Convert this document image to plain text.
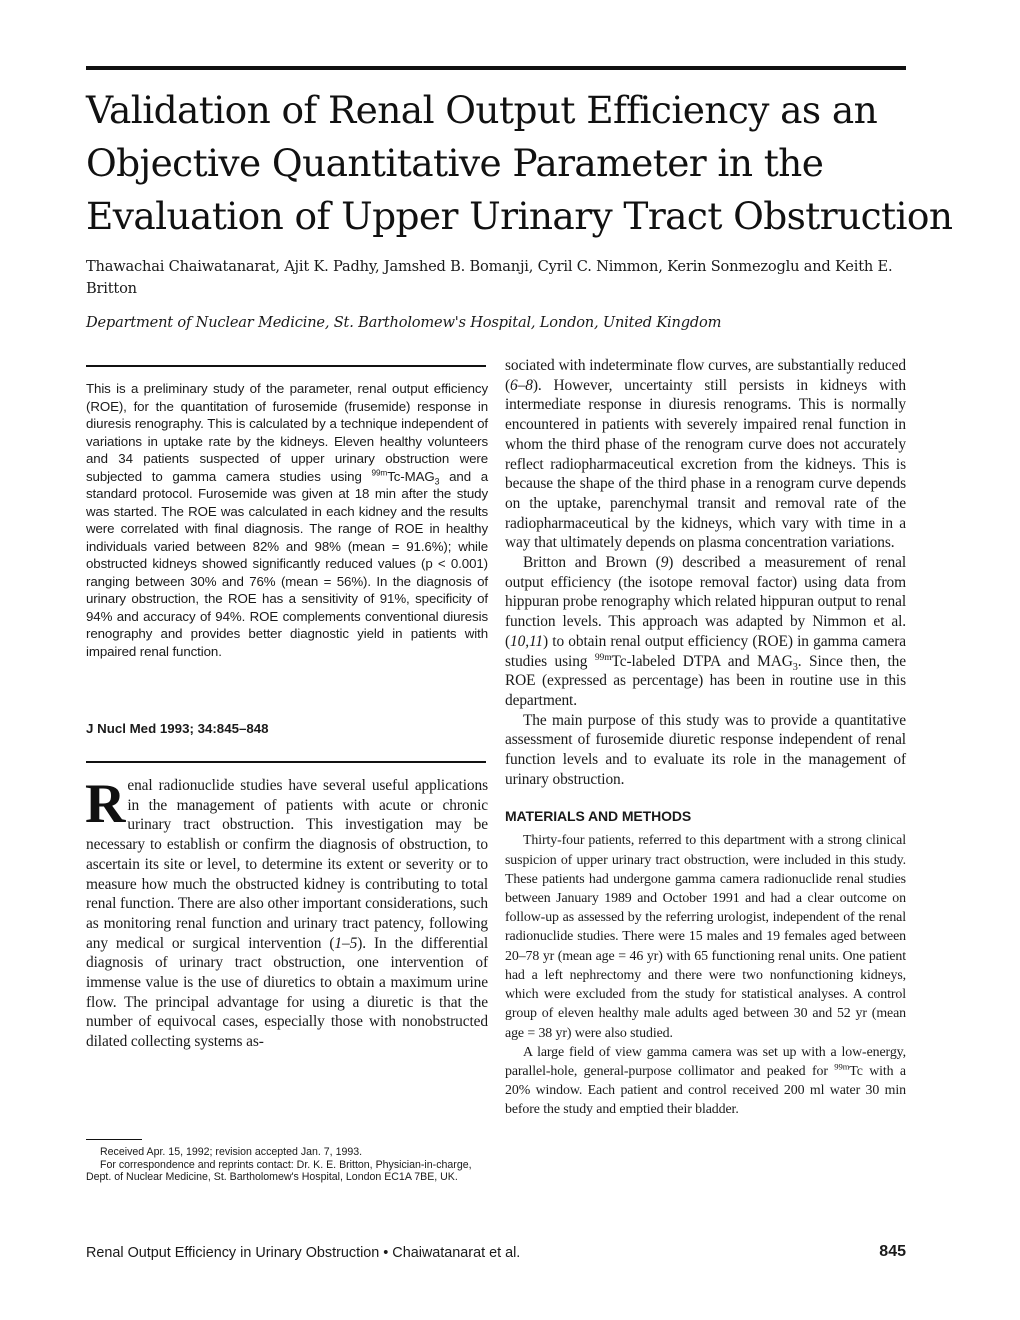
Validation of Renal Output Efficiency as an
Objective Quantitative Parameter in the
Evaluation of Upper Urinary Tract Obstruction
Thawachai Chaiwatanarat, Ajit K. Padhy, Jamshed B. Bomanji, Cyril C. Nimmon, Kerin Sonmezoglu and Keith E. Britton
Department of Nuclear Medicine, St. Bartholomew's Hospital, London, United Kingdom
This is a preliminary study of the parameter, renal output efficiency (ROE), for the quantitation of furosemide (frusemide) response in diuresis renography. This is calculated by a technique independent of variations in uptake rate by the kidneys. Eleven healthy volunteers and 34 patients suspected of upper urinary obstruction were subjected to gamma camera studies using $^{99m}Tc-MAG_3$ and a standard protocol. Furosemide was given at 18 min after the study was started. The ROE was calculated in each kidney and the results were correlated with final diagnosis. The range of ROE in healthy individuals varied between 82% and 98% (mean = 91.6%); while obstructed kidneys showed significantly reduced values (p < 0.001) ranging between 30% and 76% (mean = 56%). In the diagnosis of urinary obstruction, the ROE has a sensitivity of 91%, specificity of 94% and accuracy of 94%. ROE complements conventional diuresis renography and provides better diagnostic yield in patients with impaired renal function.
J Nucl Med 1993; 34:845–848
Renal radionuclide studies have several useful applications in the management of patients with acute or chronic urinary tract obstruction. This investigation may be necessary to establish or confirm the diagnosis of obstruction, to ascertain its site or level, to determine its extent or severity or to measure how much the obstructed kidney is contributing to total renal function. There are also other important considerations, such as monitoring renal function and urinary tract patency, following any medical or surgical intervention (1–5). In the differential diagnosis of urinary tract obstruction, one intervention of immense value is the use of diuretics to obtain a maximum urine flow. The principal advantage for using a diuretic is that the number of equivocal cases, especially those with nonobstructed dilated collecting systems as-

Received Apr. 15, 1992; revision accepted Jan. 7, 1993.

For correspondence and reprints contact: Dr. K. E. Britton, Physician-in-charge, Dept. of Nuclear Medicine, St. Bartholomew's Hospital, London EC1A 7BE, UK.

sociated with indeterminate flow curves, are substantially reduced (6–8). However, uncertainty still persists in kidneys with intermediate response in diuresis renograms. This is normally encountered in patients with severely impaired renal function in whom the third phase of the renogram curve does not accurately reflect radiopharmaceutical excretion from the kidneys. This is because the shape of the third phase in a renogram curve depends on the uptake, parenchymal transit and removal rate of the radiopharmaceutical by the kidneys, which vary with time in a way that ultimately depends on plasma concentration variations.

Britton and Brown (9) described a measurement of renal output efficiency (the isotope removal factor) using data from hippuran probe renography which related hippuran output to renal function levels. This approach was adapted by Nimmon et al. (10,11) to obtain renal output efficiency (ROE) in gamma camera studies using $^{99m}$Tc-labeled DTPA and $MAG_3$. Since then, the ROE (expressed as percentage) has been in routine use in this department.

The main purpose of this study was to provide a quantitative assessment of furosemide diuretic response independent of renal function levels and to evaluate its role in the management of urinary obstruction.

MATERIALS AND METHODS

Thirty-four patients, referred to this department with a strong clinical suspicion of upper urinary tract obstruction, were included in this study. These patients had undergone gamma camera radionuclide renal studies between January 1989 and October 1991 and had a clear outcome on follow-up as assessed by the referring urologist, independent of the renal radionuclide studies. There were 15 males and 19 females aged between 20–78 yr (mean age = 46 yr) with 65 functioning renal units. One patient had a left nephrectomy and there were two nonfunctioning kidneys, which were excluded from the study for statistical analyses. A control group of eleven healthy male adults aged between 30 and 52 yr (mean age = 38 yr) were also studied.

A large field of view gamma camera was set up with a low-energy, parallel-hole, general-purpose collimator and peaked for $^{99m}$Tc with a 20% window. Each patient and control received 200 ml water 30 min before the study and emptied their bladder.

Renal Output Efficiency in Urinary Obstruction • Chaiwatanarat et al.	845
